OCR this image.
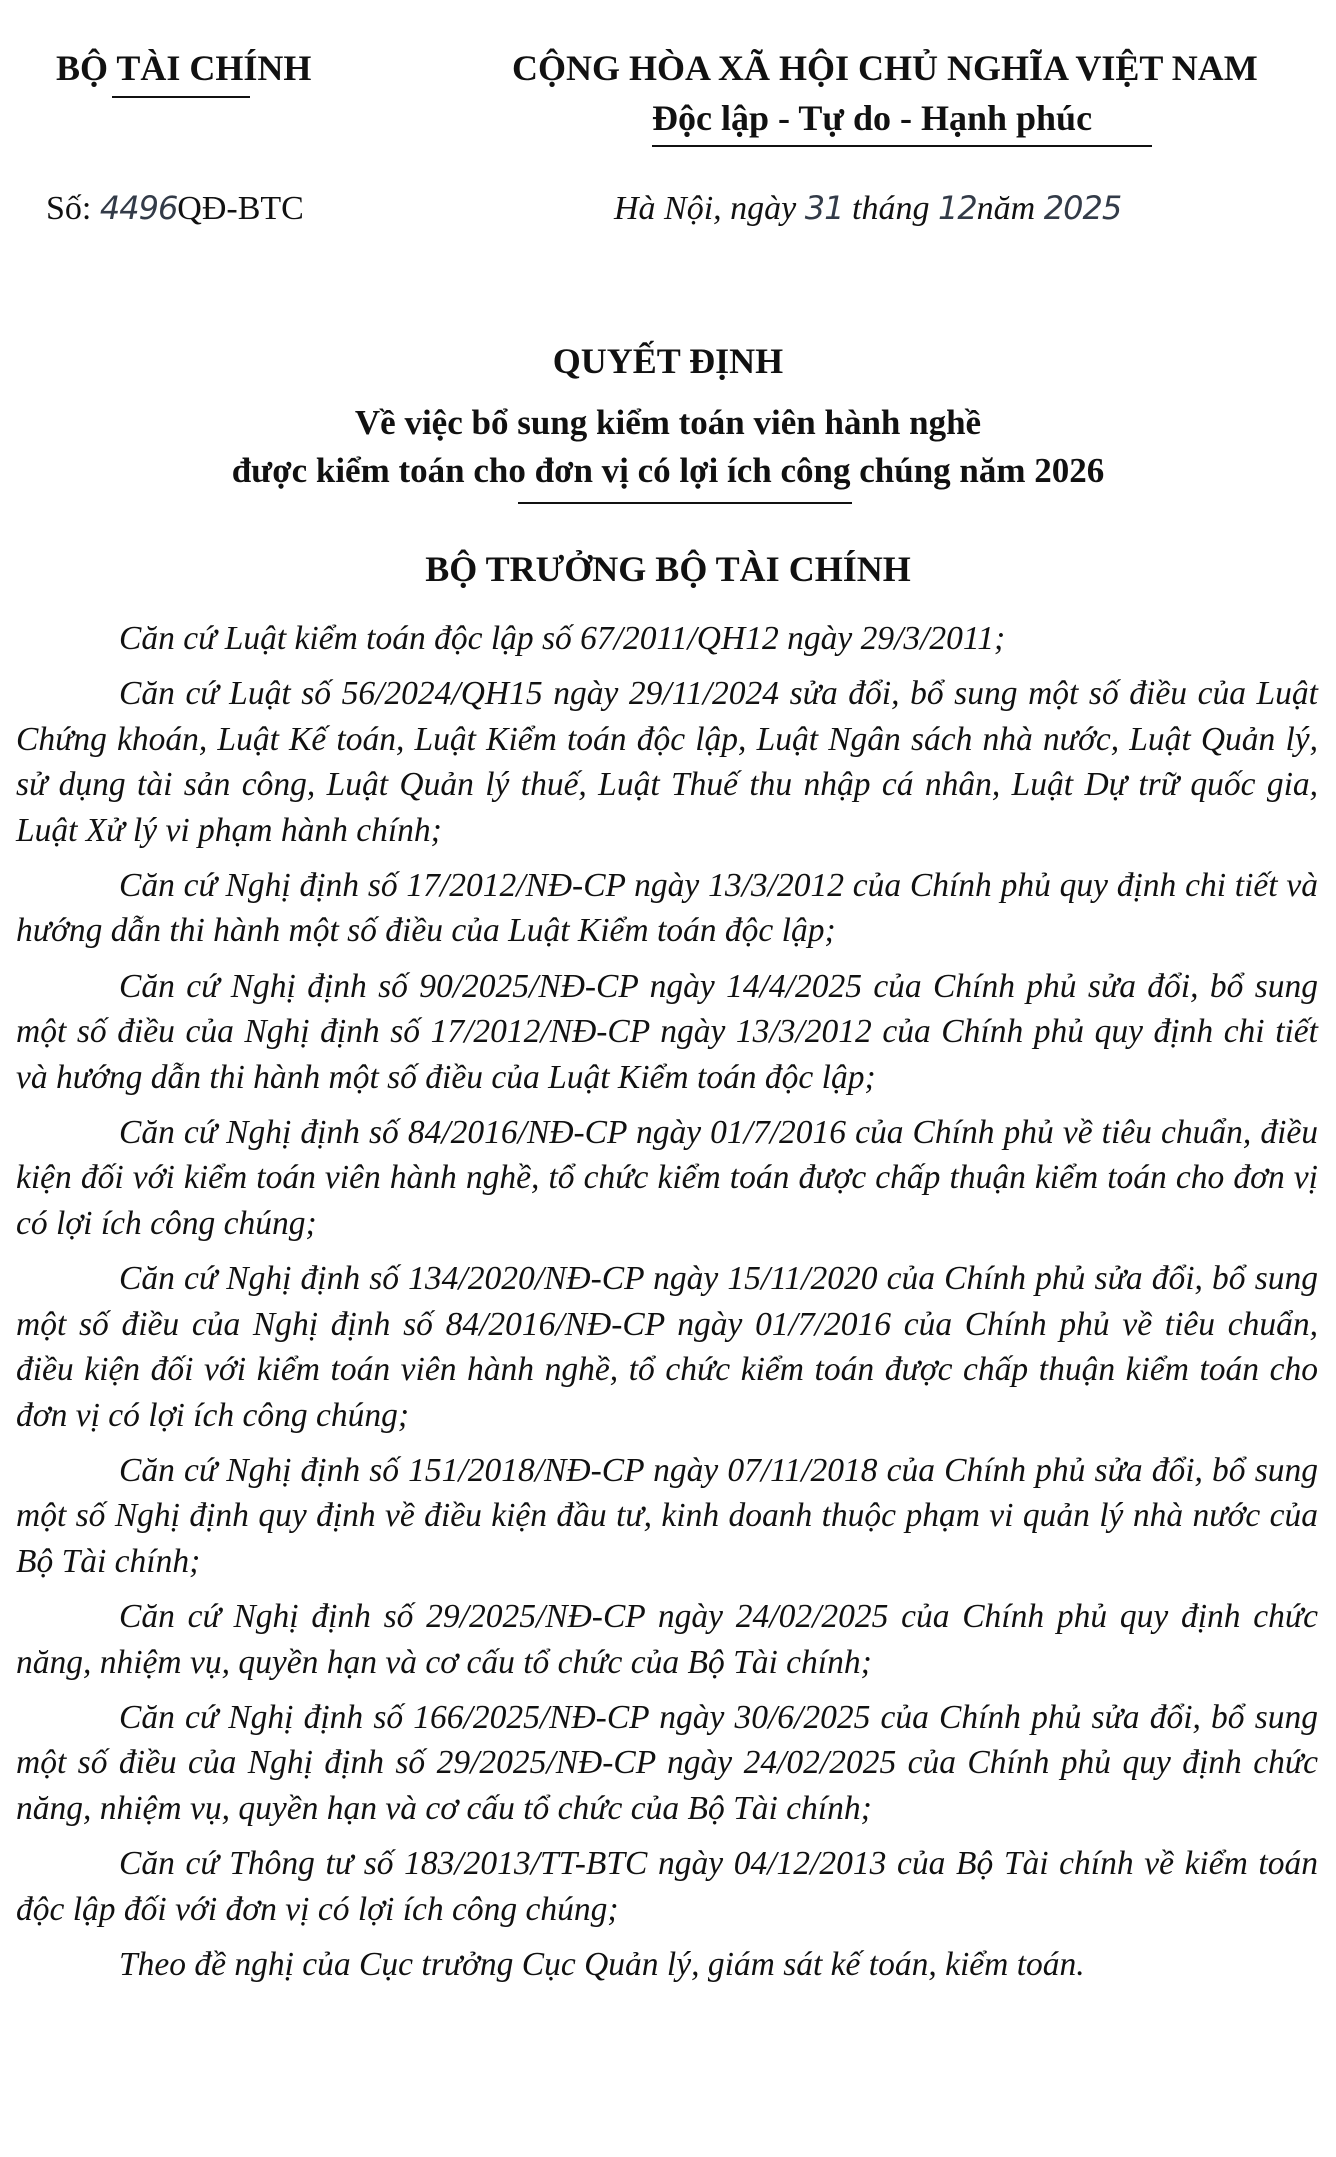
BỘ TÀI CHÍNH	CỘNG HÒA XÃ HỘI CHỦ NGHĨA VIỆT NAM
Độc lập - Tự do - Hạnh phúc
Số: 4496QĐ-BTC	Hà Nội, ngày 31 tháng 12năm 2025
QUYẾT ĐỊNH
Về việc bổ sung kiểm toán viên hành nghề
được kiểm toán cho đơn vị có lợi ích công chúng năm 2026
BỘ TRƯỞNG BỘ TÀI CHÍNH

Căn cứ Luật kiểm toán độc lập số 67/2011/QH12 ngày 29/3/2011;

Căn cứ Luật số 56/2024/QH15 ngày 29/11/2024 sửa đổi, bổ sung một số điều của Luật Chứng khoán, Luật Kế toán, Luật Kiểm toán độc lập, Luật Ngân sách nhà nước, Luật Quản lý, sử dụng tài sản công, Luật Quản lý thuế, Luật Thuế thu nhập cá nhân, Luật Dự trữ quốc gia, Luật Xử lý vi phạm hành chính;

Căn cứ Nghị định số 17/2012/NĐ-CP ngày 13/3/2012 của Chính phủ quy định chi tiết và hướng dẫn thi hành một số điều của Luật Kiểm toán độc lập;

Căn cứ Nghị định số 90/2025/NĐ-CP ngày 14/4/2025 của Chính phủ sửa đổi, bổ sung một số điều của Nghị định số 17/2012/NĐ-CP ngày 13/3/2012 của Chính phủ quy định chi tiết và hướng dẫn thi hành một số điều của Luật Kiểm toán độc lập;

Căn cứ Nghị định số 84/2016/NĐ-CP ngày 01/7/2016 của Chính phủ về tiêu chuẩn, điều kiện đối với kiểm toán viên hành nghề, tổ chức kiểm toán được chấp thuận kiểm toán cho đơn vị có lợi ích công chúng;

Căn cứ Nghị định số 134/2020/NĐ-CP ngày 15/11/2020 của Chính phủ sửa đổi, bổ sung một số điều của Nghị định số 84/2016/NĐ-CP ngày 01/7/2016 của Chính phủ về tiêu chuẩn, điều kiện đối với kiểm toán viên hành nghề, tổ chức kiểm toán được chấp thuận kiểm toán cho đơn vị có lợi ích công chúng;

Căn cứ Nghị định số 151/2018/NĐ-CP ngày 07/11/2018 của Chính phủ sửa đổi, bổ sung một số Nghị định quy định về điều kiện đầu tư, kinh doanh thuộc phạm vi quản lý nhà nước của Bộ Tài chính;

Căn cứ Nghị định số 29/2025/NĐ-CP ngày 24/02/2025 của Chính phủ quy định chức năng, nhiệm vụ, quyền hạn và cơ cấu tổ chức của Bộ Tài chính;

Căn cứ Nghị định số 166/2025/NĐ-CP ngày 30/6/2025 của Chính phủ sửa đổi, bổ sung một số điều của Nghị định số 29/2025/NĐ-CP ngày 24/02/2025 của Chính phủ quy định chức năng, nhiệm vụ, quyền hạn và cơ cấu tổ chức của Bộ Tài chính;

Căn cứ Thông tư số 183/2013/TT-BTC ngày 04/12/2013 của Bộ Tài chính về kiểm toán độc lập đối với đơn vị có lợi ích công chúng;

Theo đề nghị của Cục trưởng Cục Quản lý, giám sát kế toán, kiểm toán.
